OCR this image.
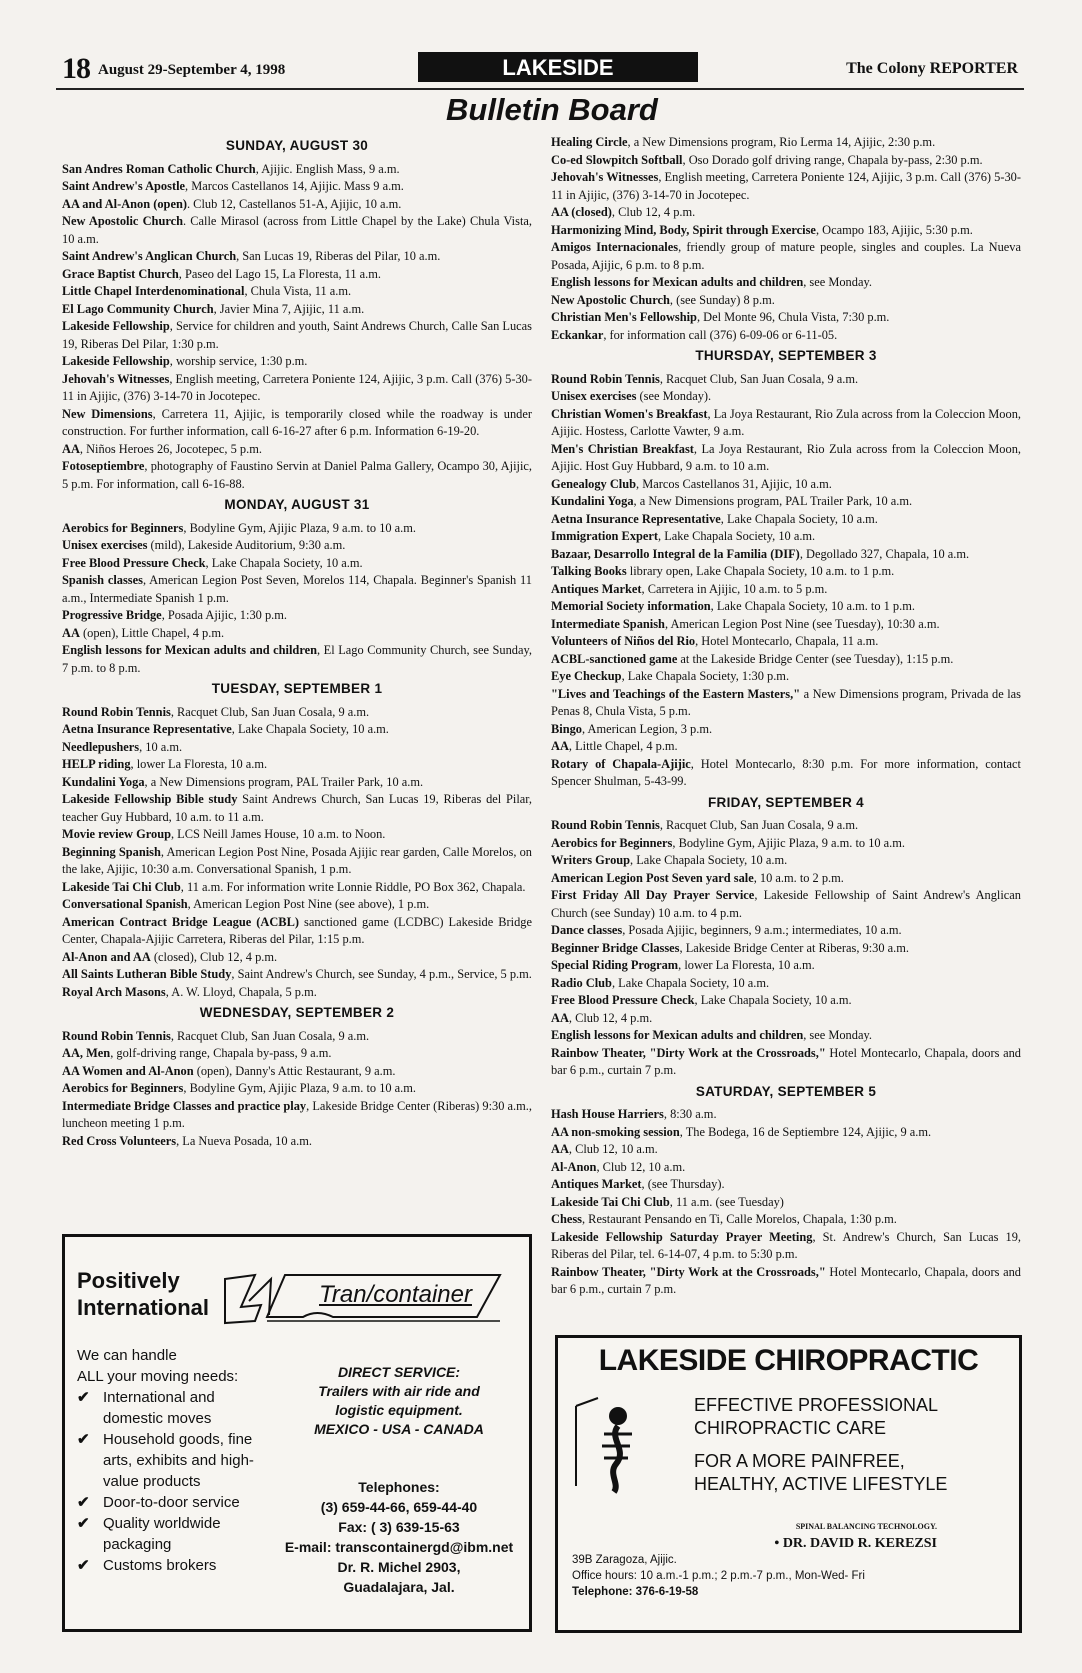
18 August 29-September 4, 1998	LAKESIDE	The Colony REPORTER
Bulletin Board
SUNDAY, AUGUST 30

San Andres Roman Catholic Church, Ajijic. English Mass, 9 a.m.

Saint Andrew's Apostle, Marcos Castellanos 14, Ajijic. Mass 9 a.m.

AA and Al-Anon (open). Club 12, Castellanos 51-A, Ajijic, 10 a.m.

New Apostolic Church. Calle Mirasol (across from Little Chapel by the Lake) Chula Vista, 10 a.m.

Saint Andrew's Anglican Church, San Lucas 19, Riberas del Pilar, 10 a.m.

Grace Baptist Church, Paseo del Lago 15, La Floresta, 11 a.m.

Little Chapel Interdenominational, Chula Vista, 11 a.m.

El Lago Community Church, Javier Mina 7, Ajijic, 11 a.m.

Lakeside Fellowship, Service for children and youth, Saint Andrews Church, Calle San Lucas 19, Riberas Del Pilar, 1:30 p.m.

Lakeside Fellowship, worship service, 1:30 p.m.

Jehovah's Witnesses, English meeting, Carretera Poniente 124, Ajijic, 3 p.m. Call (376) 5-30-11 in Ajijic, (376) 3-14-70 in Jocotepec.

New Dimensions, Carretera 11, Ajijic, is temporarily closed while the roadway is under construction. For further information, call 6-16-27 after 6 p.m. Information 6-19-20.

AA, Niños Heroes 26, Jocotepec, 5 p.m.

Fotoseptiembre, photography of Faustino Servin at Daniel Palma Gallery, Ocampo 30, Ajijic, 5 p.m. For information, call 6-16-88.

MONDAY, AUGUST 31

Aerobics for Beginners, Bodyline Gym, Ajijic Plaza, 9 a.m. to 10 a.m.

Unisex exercises (mild), Lakeside Auditorium, 9:30 a.m.

Free Blood Pressure Check, Lake Chapala Society, 10 a.m.

Spanish classes, American Legion Post Seven, Morelos 114, Chapala. Beginner's Spanish 11 a.m., Intermediate Spanish 1 p.m.

Progressive Bridge, Posada Ajijic, 1:30 p.m.

AA (open), Little Chapel, 4 p.m.

English lessons for Mexican adults and children, El Lago Community Church, see Sunday, 7 p.m. to 8 p.m.

TUESDAY, SEPTEMBER 1

Round Robin Tennis, Racquet Club, San Juan Cosala, 9 a.m.

Aetna Insurance Representative, Lake Chapala Society, 10 a.m.

Needlepushers, 10 a.m.

HELP riding, lower La Floresta, 10 a.m.

Kundalini Yoga, a New Dimensions program, PAL Trailer Park, 10 a.m.

Lakeside Fellowship Bible study Saint Andrews Church, San Lucas 19, Riberas del Pilar, teacher Guy Hubbard, 10 a.m. to 11 a.m.

Movie review Group, LCS Neill James House, 10 a.m. to Noon.

Beginning Spanish, American Legion Post Nine, Posada Ajijic rear garden, Calle Morelos, on the lake, Ajijic, 10:30 a.m. Conversational Spanish, 1 p.m.

Lakeside Tai Chi Club, 11 a.m. For information write Lonnie Riddle, PO Box 362, Chapala.

Conversational Spanish, American Legion Post Nine (see above), 1 p.m.

American Contract Bridge League (ACBL) sanctioned game (LCDBC) Lakeside Bridge Center, Chapala-Ajijic Carretera, Riberas del Pilar, 1:15 p.m.

Al-Anon and AA (closed), Club 12, 4 p.m.

All Saints Lutheran Bible Study, Saint Andrew's Church, see Sunday, 4 p.m., Service, 5 p.m.

Royal Arch Masons, A. W. Lloyd, Chapala, 5 p.m.

WEDNESDAY, SEPTEMBER 2

Round Robin Tennis, Racquet Club, San Juan Cosala, 9 a.m.

AA, Men, golf-driving range, Chapala by-pass, 9 a.m.

AA Women and Al-Anon (open), Danny's Attic Restaurant, 9 a.m.

Aerobics for Beginners, Bodyline Gym, Ajijic Plaza, 9 a.m. to 10 a.m.

Intermediate Bridge Classes and practice play, Lakeside Bridge Center (Riberas) 9:30 a.m., luncheon meeting 1 p.m.

Red Cross Volunteers, La Nueva Posada, 10 a.m.

Healing Circle, a New Dimensions program, Rio Lerma 14, Ajijic, 2:30 p.m.

Co-ed Slowpitch Softball, Oso Dorado golf driving range, Chapala by-pass, 2:30 p.m.

Jehovah's Witnesses, English meeting, Carretera Poniente 124, Ajijic, 3 p.m. Call (376) 5-30-11 in Ajijic, (376) 3-14-70 in Jocotepec.

AA (closed), Club 12, 4 p.m.

Harmonizing Mind, Body, Spirit through Exercise, Ocampo 183, Ajijic, 5:30 p.m.

Amigos Internacionales, friendly group of mature people, singles and couples. La Nueva Posada, Ajijic, 6 p.m. to 8 p.m.

English lessons for Mexican adults and children, see Monday.

New Apostolic Church, (see Sunday) 8 p.m.

Christian Men's Fellowship, Del Monte 96, Chula Vista, 7:30 p.m.

Eckankar, for information call (376) 6-09-06 or 6-11-05.

THURSDAY, SEPTEMBER 3

Round Robin Tennis, Racquet Club, San Juan Cosala, 9 a.m.

Unisex exercises (see Monday).

Christian Women's Breakfast, La Joya Restaurant, Rio Zula across from la Coleccion Moon, Ajijic. Hostess, Carlotte Vawter, 9 a.m.

Men's Christian Breakfast, La Joya Restaurant, Rio Zula across from la Coleccion Moon, Ajijic. Host Guy Hubbard, 9 a.m. to 10 a.m.

Genealogy Club, Marcos Castellanos 31, Ajijic, 10 a.m.

Kundalini Yoga, a New Dimensions program, PAL Trailer Park, 10 a.m.

Aetna Insurance Representative, Lake Chapala Society, 10 a.m.

Immigration Expert, Lake Chapala Society, 10 a.m.

Bazaar, Desarrollo Integral de la Familia (DIF), Degollado 327, Chapala, 10 a.m.

Talking Books library open, Lake Chapala Society, 10 a.m. to 1 p.m.

Antiques Market, Carretera in Ajijic, 10 a.m. to 5 p.m.

Memorial Society information, Lake Chapala Society, 10 a.m. to 1 p.m.

Intermediate Spanish, American Legion Post Nine (see Tuesday), 10:30 a.m.

Volunteers of Niños del Rio, Hotel Montecarlo, Chapala, 11 a.m.

ACBL-sanctioned game at the Lakeside Bridge Center (see Tuesday), 1:15 p.m.

Eye Checkup, Lake Chapala Society, 1:30 p.m.

"Lives and Teachings of the Eastern Masters," a New Dimensions program, Privada de las Penas 8, Chula Vista, 5 p.m.

Bingo, American Legion, 3 p.m.

AA, Little Chapel, 4 p.m.

Rotary of Chapala-Ajijic, Hotel Montecarlo, 8:30 p.m. For more information, contact Spencer Shulman, 5-43-99.

FRIDAY, SEPTEMBER 4

Round Robin Tennis, Racquet Club, San Juan Cosala, 9 a.m.

Aerobics for Beginners, Bodyline Gym, Ajijic Plaza, 9 a.m. to 10 a.m.

Writers Group, Lake Chapala Society, 10 a.m.

American Legion Post Seven yard sale, 10 a.m. to 2 p.m.

First Friday All Day Prayer Service, Lakeside Fellowship of Saint Andrew's Anglican Church (see Sunday) 10 a.m. to 4 p.m.

Dance classes, Posada Ajijic, beginners, 9 a.m.; intermediates, 10 a.m.

Beginner Bridge Classes, Lakeside Bridge Center at Riberas, 9:30 a.m.

Special Riding Program, lower La Floresta, 10 a.m.

Radio Club, Lake Chapala Society, 10 a.m.

Free Blood Pressure Check, Lake Chapala Society, 10 a.m.

AA, Club 12, 4 p.m.

English lessons for Mexican adults and children, see Monday.

Rainbow Theater, "Dirty Work at the Crossroads," Hotel Montecarlo, Chapala, doors and bar 6 p.m., curtain 7 p.m.

SATURDAY, SEPTEMBER 5

Hash House Harriers, 8:30 a.m.

AA non-smoking session, The Bodega, 16 de Septiembre 124, Ajijic, 9 a.m.

AA, Club 12, 10 a.m.

Al-Anon, Club 12, 10 a.m.

Antiques Market, (see Thursday).

Lakeside Tai Chi Club, 11 a.m. (see Tuesday)

Chess, Restaurant Pensando en Ti, Calle Morelos, Chapala, 1:30 p.m.

Lakeside Fellowship Saturday Prayer Meeting, St. Andrew's Church, San Lucas 19, Riberas del Pilar, tel. 6-14-07, 4 p.m. to 5:30 p.m.

Rainbow Theater, "Dirty Work at the Crossroads," Hotel Montecarlo, Chapala, doors and bar 6 p.m., curtain 7 p.m.

Positively
International	Tran/container
We can handle
ALL your moving needs:
✔ International and domestic moves
✔ Household goods, fine arts, exhibits and high-value products
✔ Door-to-door service
✔ Quality worldwide packaging
✔ Customs brokers
DIRECT SERVICE:
Trailers with air ride and
logistic equipment.
MEXICO - USA - CANADA
Telephones:
(3) 659-44-66, 659-44-40
Fax: ( 3) 639-15-63
E-mail: transcontainergd@ibm.net
Dr. R. Michel 2903,
Guadalajara, Jal.
LAKESIDE CHIROPRACTIC
EFFECTIVE PROFESSIONAL
CHIROPRACTIC CARE
FOR A MORE PAINFREE,
HEALTHY, ACTIVE LIFESTYLE
SPINAL BALANCING TECHNOLOGY.
• DR. DAVID R. KEREZSI
39B Zaragoza, Ajijic.
Office hours: 10 a.m.-1 p.m.; 2 p.m.-7 p.m., Mon-Wed- Fri
Telephone: 376-6-19-58
